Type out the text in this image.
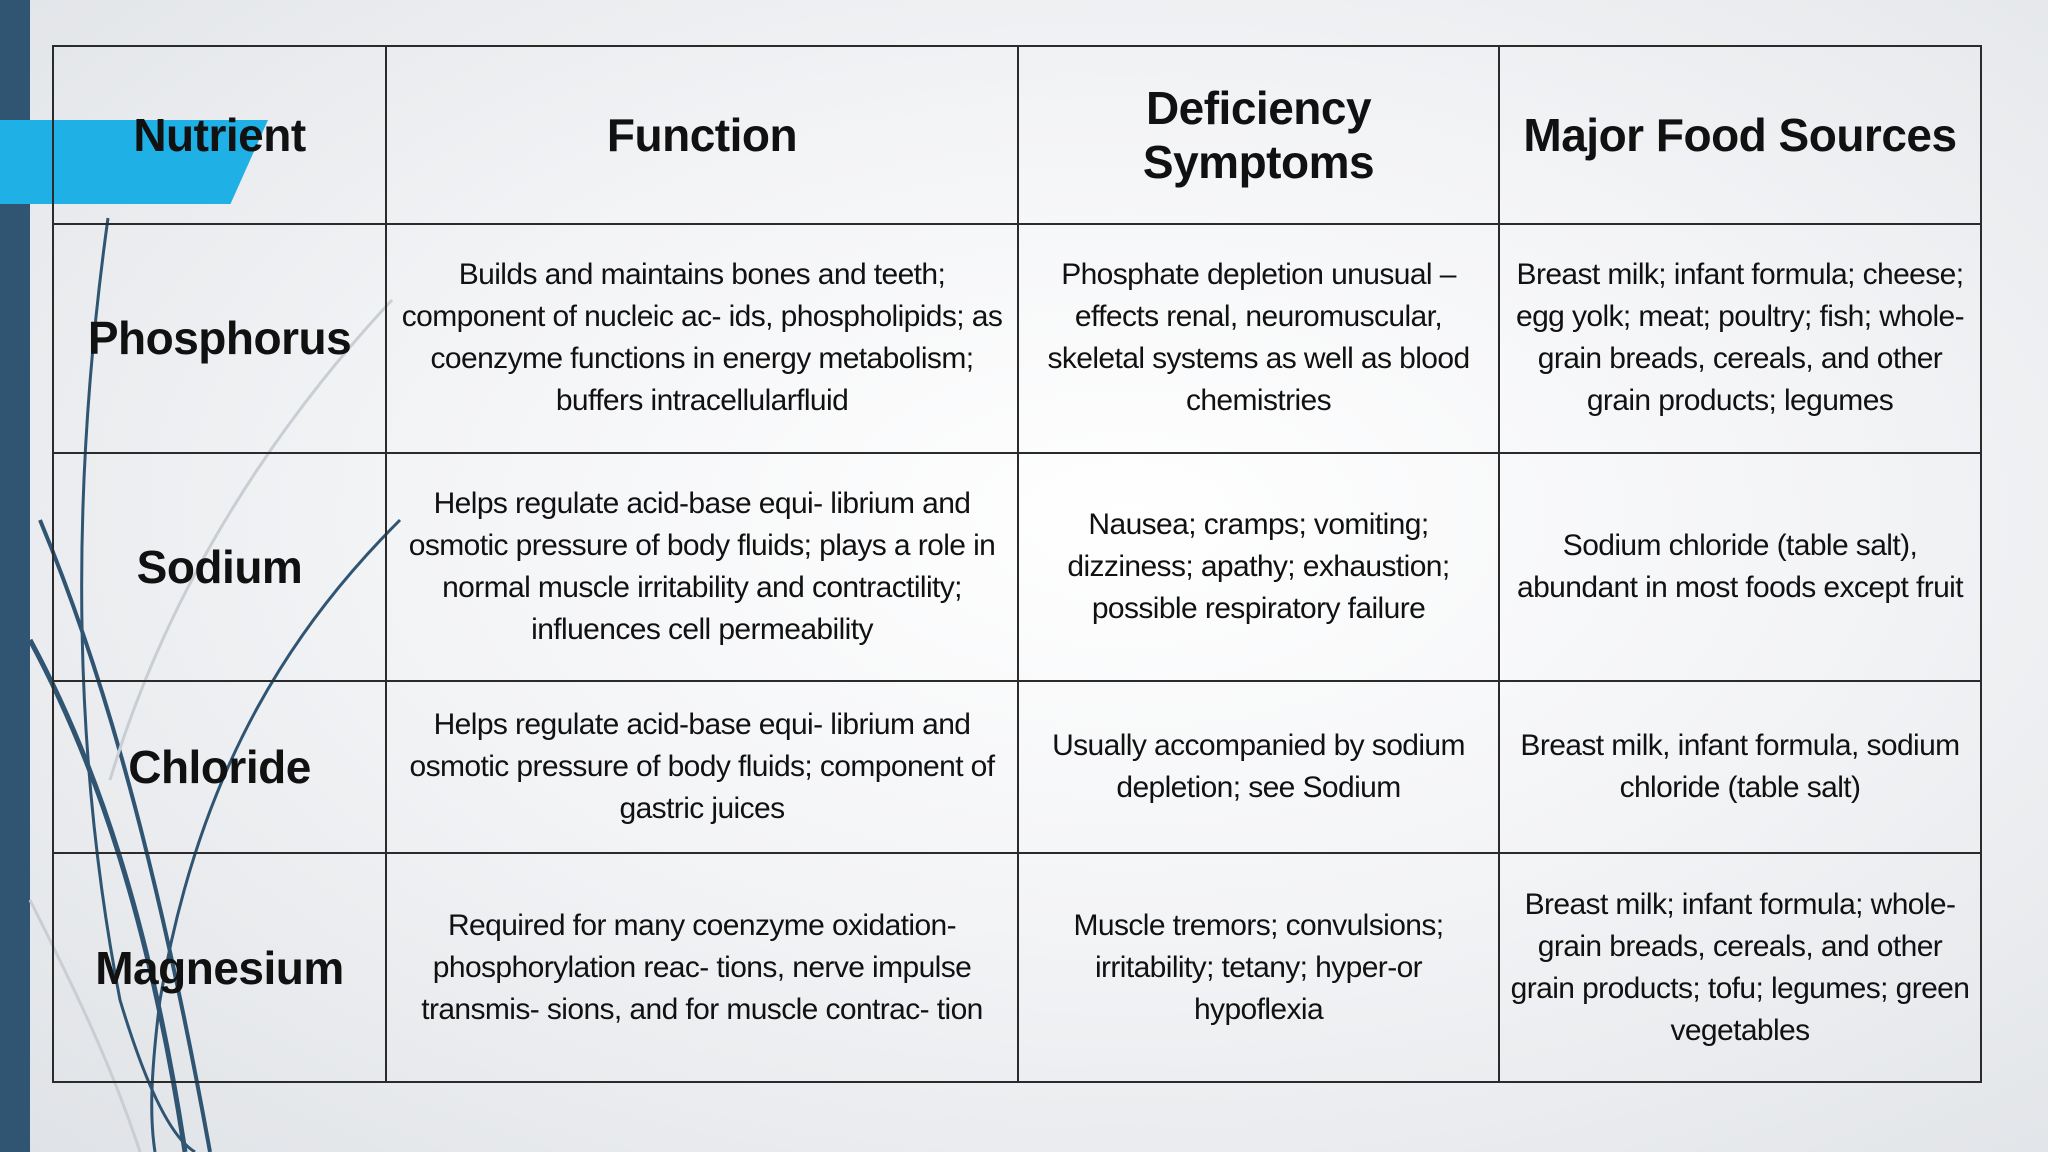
Nutrient	Function	Deficiency Symptoms	Major Food Sources
Phosphorus	Builds and maintains bones and teeth; component of nucleic ac- ids, phospholipids; as coenzyme functions in energy metabolism; buffers intracellularfluid	Phosphate depletion unusual – effects renal, neuromuscular, skeletal systems as well as blood chemistries	Breast milk; infant formula; cheese; egg yolk; meat; poultry; fish; whole-grain breads, cereals, and other grain products; legumes
Sodium	Helps regulate acid-base equi- librium and osmotic pressure of body fluids; plays a role in normal muscle irritability and contractility; influences cell permeability	Nausea; cramps; vomiting; dizziness; apathy; exhaustion; possible respiratory failure	Sodium chloride (table salt), abundant in most foods except fruit
Chloride	Helps regulate acid-base equi- librium and osmotic pressure of body fluids; component of gastric juices	Usually accompanied by sodium depletion; see Sodium	Breast milk, infant formula, sodium chloride (table salt)
Magnesium	Required for many coenzyme oxidation-phosphorylation reac- tions, nerve impulse transmis- sions, and for muscle contrac- tion	Muscle tremors; convulsions; irritability; tetany; hyper-or hypoflexia	Breast milk; infant formula; whole-grain breads, cereals, and other grain products; tofu; legumes; green vegetables
